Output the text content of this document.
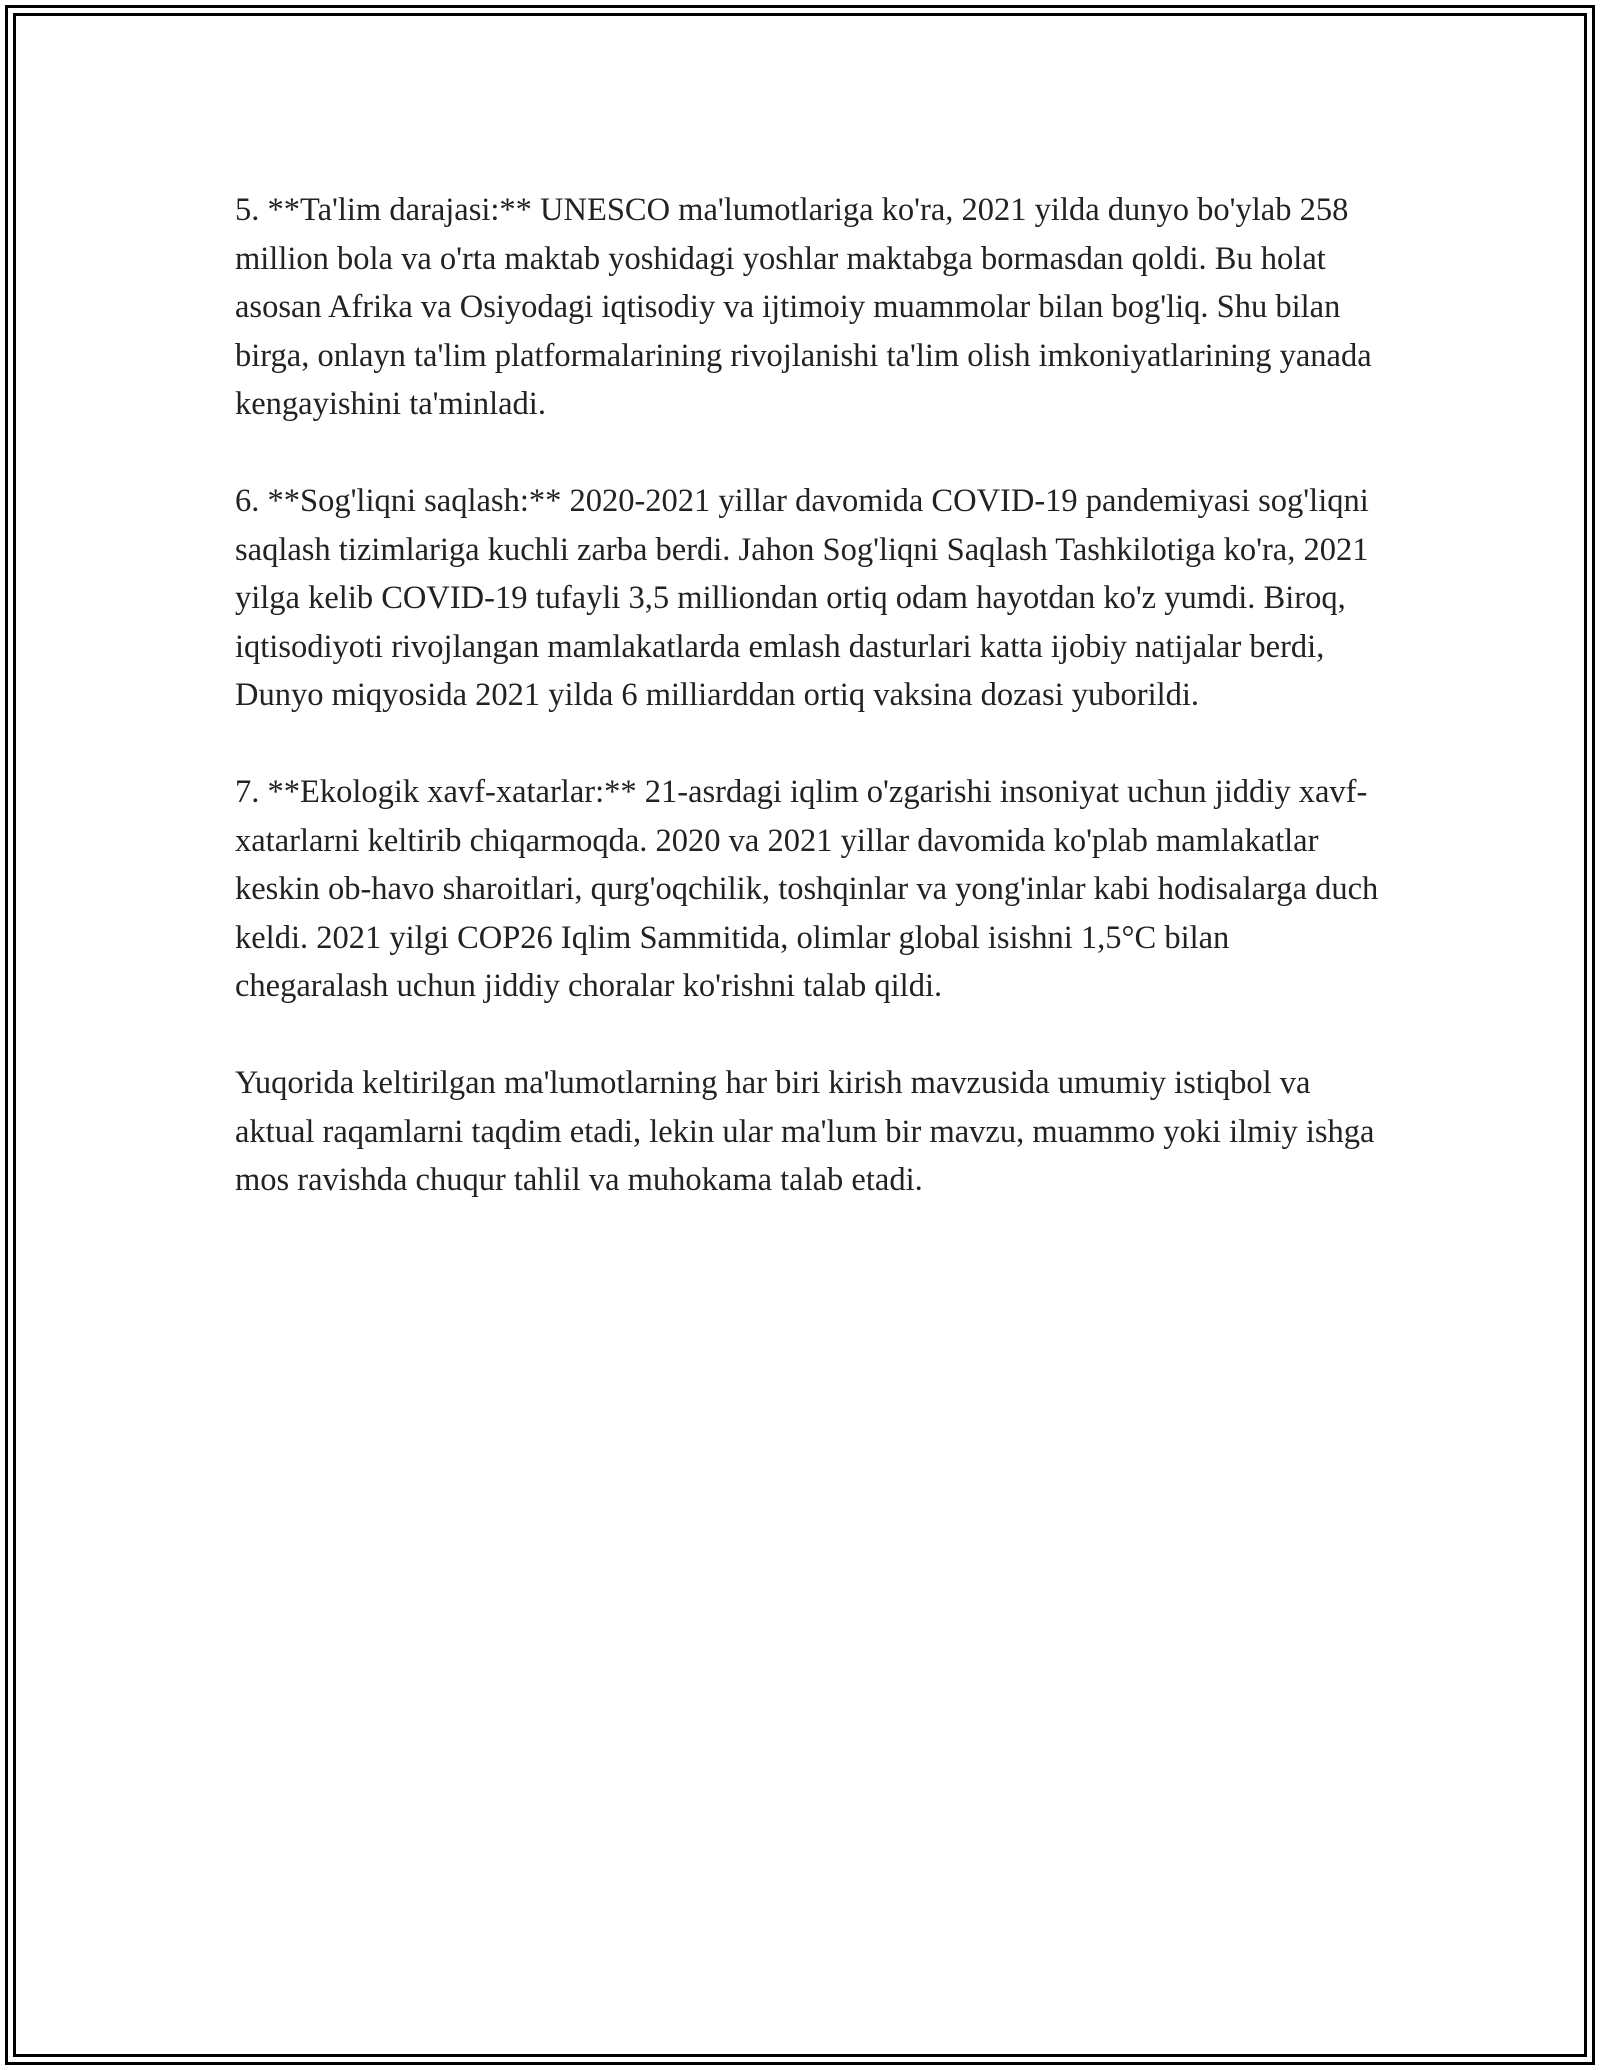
5. **Ta'lim darajasi:** UNESCO ma'lumotlariga ko'ra, 2021 yilda dunyo bo'ylab 258 million bola va o'rta maktab yoshidagi yoshlar maktabga bormasdan qoldi. Bu holat asosan Afrika va Osiyodagi iqtisodiy va ijtimoiy muammolar bilan bog'liq. Shu bilan birga, onlayn ta'lim platformalarining rivojlanishi ta'lim olish imkoniyatlarining yanada kengayishini ta'minladi.

6. **Sog'liqni saqlash:** 2020-2021 yillar davomida COVID-19 pandemiyasi sog'liqni saqlash tizimlariga kuchli zarba berdi. Jahon Sog'liqni Saqlash Tashkilotiga ko'ra, 2021 yilga kelib COVID-19 tufayli 3,5 milliondan ortiq odam hayotdan ko'z yumdi. Biroq, iqtisodiyoti rivojlangan mamlakatlarda emlash dasturlari katta ijobiy natijalar berdi, Dunyo miqyosida 2021 yilda 6 milliarddan ortiq vaksina dozasi yuborildi.

7. **Ekologik xavf-xatarlar:** 21-asrdagi iqlim o'zgarishi insoniyat uchun jiddiy xavf-xatarlarni keltirib chiqarmoqda. 2020 va 2021 yillar davomida ko'plab mamlakatlar keskin ob-havo sharoitlari, qurg'oqchilik, toshqinlar va yong'inlar kabi hodisalarga duch keldi. 2021 yilgi COP26 Iqlim Sammitida, olimlar global isishni 1,5°C bilan chegaralash uchun jiddiy choralar ko'rishni talab qildi.

Yuqorida keltirilgan ma'lumotlarning har biri kirish mavzusida umumiy istiqbol va aktual raqamlarni taqdim etadi, lekin ular ma'lum bir mavzu, muammo yoki ilmiy ishga mos ravishda chuqur tahlil va muhokama talab etadi.
